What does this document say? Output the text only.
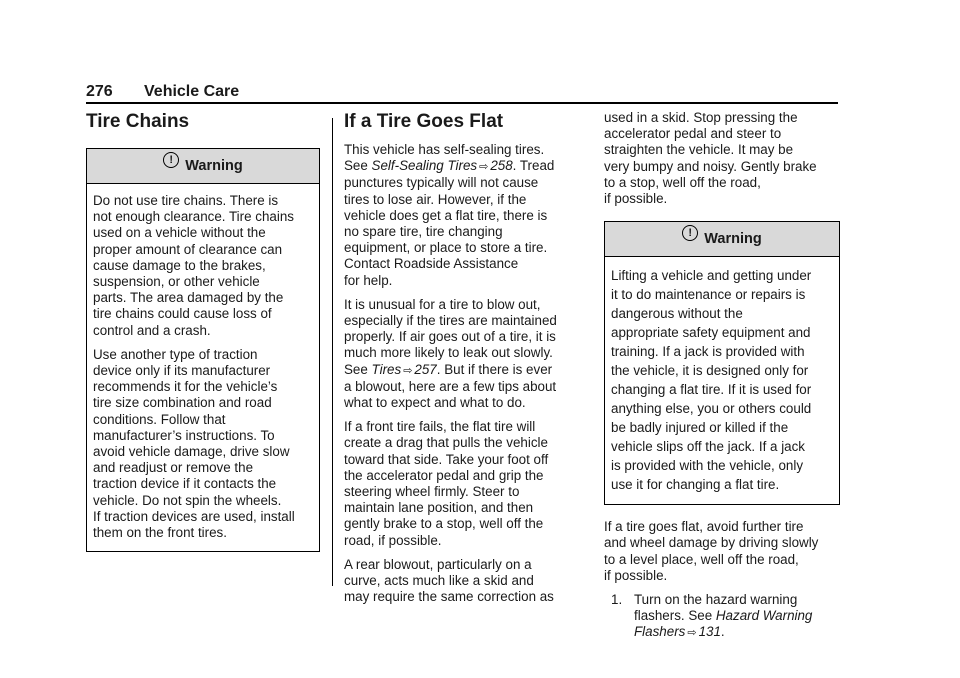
276 Vehicle Care
Tire Chains
! Warning

Do not use tire chains. There is
not enough clearance. Tire chains
used on a vehicle without the
proper amount of clearance can
cause damage to the brakes,
suspension, or other vehicle
parts. The area damaged by the
tire chains could cause loss of
control and a crash.

Use another type of traction
device only if its manufacturer
recommends it for the vehicle’s
tire size combination and road
conditions. Follow that
manufacturer’s instructions. To
avoid vehicle damage, drive slow
and readjust or remove the
traction device if it contacts the
vehicle. Do not spin the wheels.
If traction devices are used, install
them on the front tires.

If a Tire Goes Flat

This vehicle has self-sealing tires.
See Self-Sealing Tires ⇨ 258. Tread
punctures typically will not cause
tires to lose air. However, if the
vehicle does get a flat tire, there is
no spare tire, tire changing
equipment, or place to store a tire.
Contact Roadside Assistance
for help.

It is unusual for a tire to blow out,
especially if the tires are maintained
properly. If air goes out of a tire, it is
much more likely to leak out slowly.
See Tires ⇨ 257. But if there is ever
a blowout, here are a few tips about
what to expect and what to do.

If a front tire fails, the flat tire will
create a drag that pulls the vehicle
toward that side. Take your foot off
the accelerator pedal and grip the
steering wheel firmly. Steer to
maintain lane position, and then
gently brake to a stop, well off the
road, if possible.

A rear blowout, particularly on a
curve, acts much like a skid and
may require the same correction as

used in a skid. Stop pressing the
accelerator pedal and steer to
straighten the vehicle. It may be
very bumpy and noisy. Gently brake
to a stop, well off the road,
if possible.

! Warning

Lifting a vehicle and getting under
it to do maintenance or repairs is
dangerous without the
appropriate safety equipment and
training. If a jack is provided with
the vehicle, it is designed only for
changing a flat tire. If it is used for
anything else, you or others could
be badly injured or killed if the
vehicle slips off the jack. If a jack
is provided with the vehicle, only
use it for changing a flat tire.

If a tire goes flat, avoid further tire
and wheel damage by driving slowly
to a level place, well off the road,
if possible.

1. Turn on the hazard warning
flashers. See Hazard Warning
Flashers ⇨ 131.
